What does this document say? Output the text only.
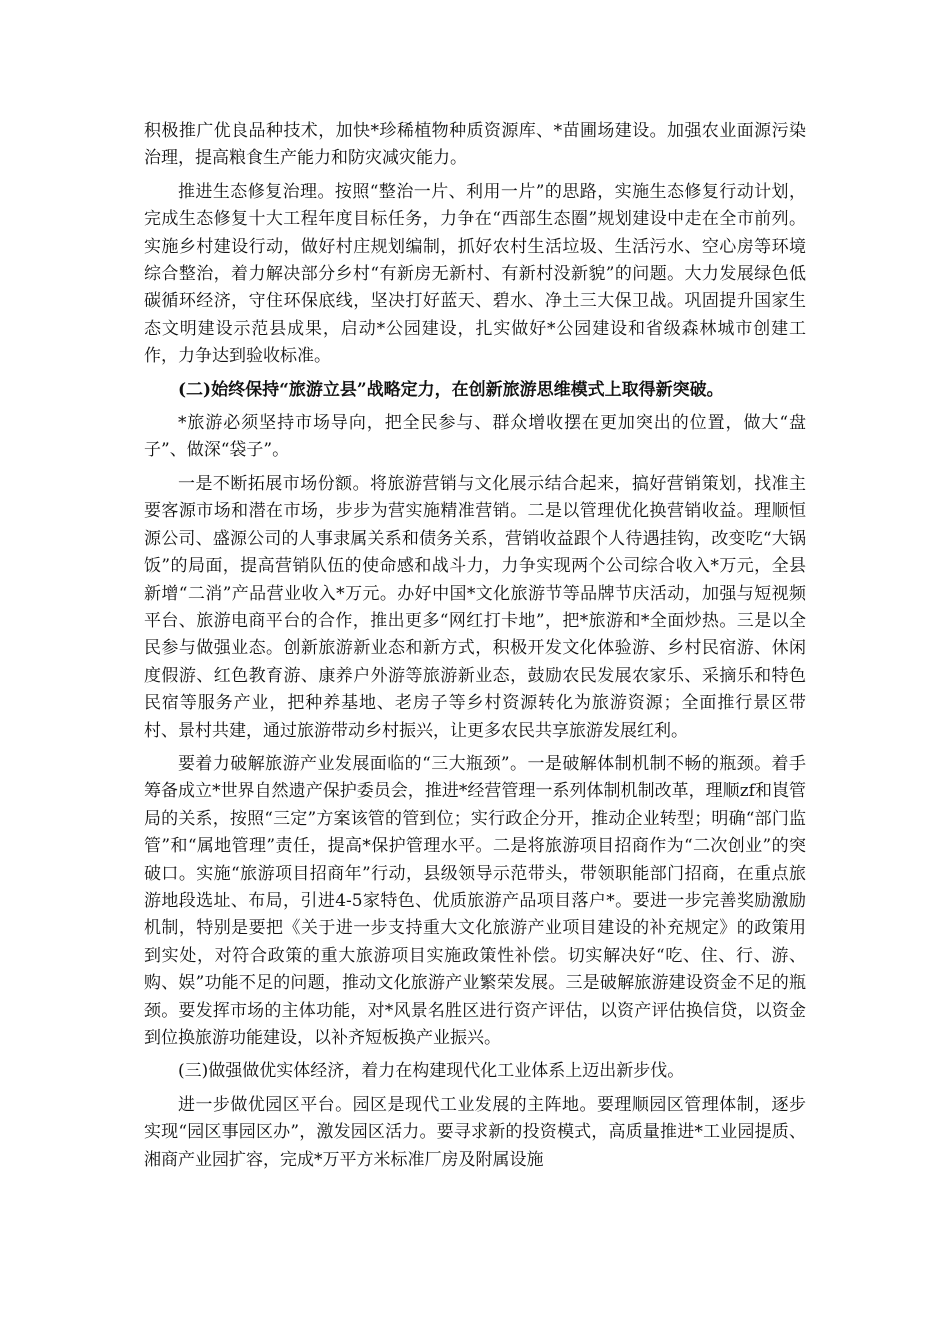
积极推广优良品种技术，加快*珍稀植物种质资源库、*苗圃场建设。加强农业面源污染治理，提高粮食生产能力和防灾减灾能力。

推进生态修复治理。按照“整治一片、利用一片”的思路，实施生态修复行动计划，完成生态修复十大工程年度目标任务，力争在“西部生态圈”规划建设中走在全市前列。实施乡村建设行动，做好村庄规划编制，抓好农村生活垃圾、生活污水、空心房等环境综合整治，着力解决部分乡村“有新房无新村、有新村没新貌”的问题。大力发展绿色低碳循环经济，守住环保底线，坚决打好蓝天、碧水、净土三大保卫战。巩固提升国家生态文明建设示范县成果，启动*公园建设，扎实做好*公园建设和省级森林城市创建工作，力争达到验收标准。

(二)始终保持“旅游立县”战略定力，在创新旅游思维模式上取得新突破。

*旅游必须坚持市场导向，把全民参与、群众增收摆在更加突出的位置，做大“盘子”、做深“袋子”。

一是不断拓展市场份额。将旅游营销与文化展示结合起来，搞好营销策划，找准主要客源市场和潜在市场，步步为营实施精准营销。二是以管理优化换营销收益。理顺恒源公司、盛源公司的人事隶属关系和债务关系，营销收益跟个人待遇挂钩，改变吃“大锅饭”的局面，提高营销队伍的使命感和战斗力，力争实现两个公司综合收入*万元，全县新增“二消”产品营业收入*万元。办好中国*文化旅游节等品牌节庆活动，加强与短视频平台、旅游电商平台的合作，推出更多“网红打卡地”，把*旅游和*全面炒热。三是以全民参与做强业态。创新旅游新业态和新方式，积极开发文化体验游、乡村民宿游、休闲度假游、红色教育游、康养户外游等旅游新业态，鼓励农民发展农家乐、采摘乐和特色民宿等服务产业，把种养基地、老房子等乡村资源转化为旅游资源；全面推行景区带村、景村共建，通过旅游带动乡村振兴，让更多农民共享旅游发展红利。

要着力破解旅游产业发展面临的“三大瓶颈”。一是破解体制机制不畅的瓶颈。着手筹备成立*世界自然遗产保护委员会，推进*经营管理一系列体制机制改革，理顺zf和崀管局的关系，按照“三定”方案该管的管到位；实行政企分开，推动企业转型；明确“部门监管”和“属地管理”责任，提高*保护管理水平。二是将旅游项目招商作为“二次创业”的突破口。实施“旅游项目招商年”行动，县级领导示范带头，带领职能部门招商，在重点旅游地段选址、布局，引进4-5家特色、优质旅游产品项目落户*。要进一步完善奖励激励机制，特别是要把《关于进一步支持重大文化旅游产业项目建设的补充规定》的政策用到实处，对符合政策的重大旅游项目实施政策性补偿。切实解决好“吃、住、行、游、购、娱”功能不足的问题，推动文化旅游产业繁荣发展。三是破解旅游建设资金不足的瓶颈。要发挥市场的主体功能，对*风景名胜区进行资产评估，以资产评估换信贷，以资金到位换旅游功能建设，以补齐短板换产业振兴。

(三)做强做优实体经济，着力在构建现代化工业体系上迈出新步伐。

进一步做优园区平台。园区是现代工业发展的主阵地。要理顺园区管理体制，逐步实现“园区事园区办”，激发园区活力。要寻求新的投资模式，高质量推进*工业园提质、湘商产业园扩容，完成*万平方米标准厂房及附属设施
